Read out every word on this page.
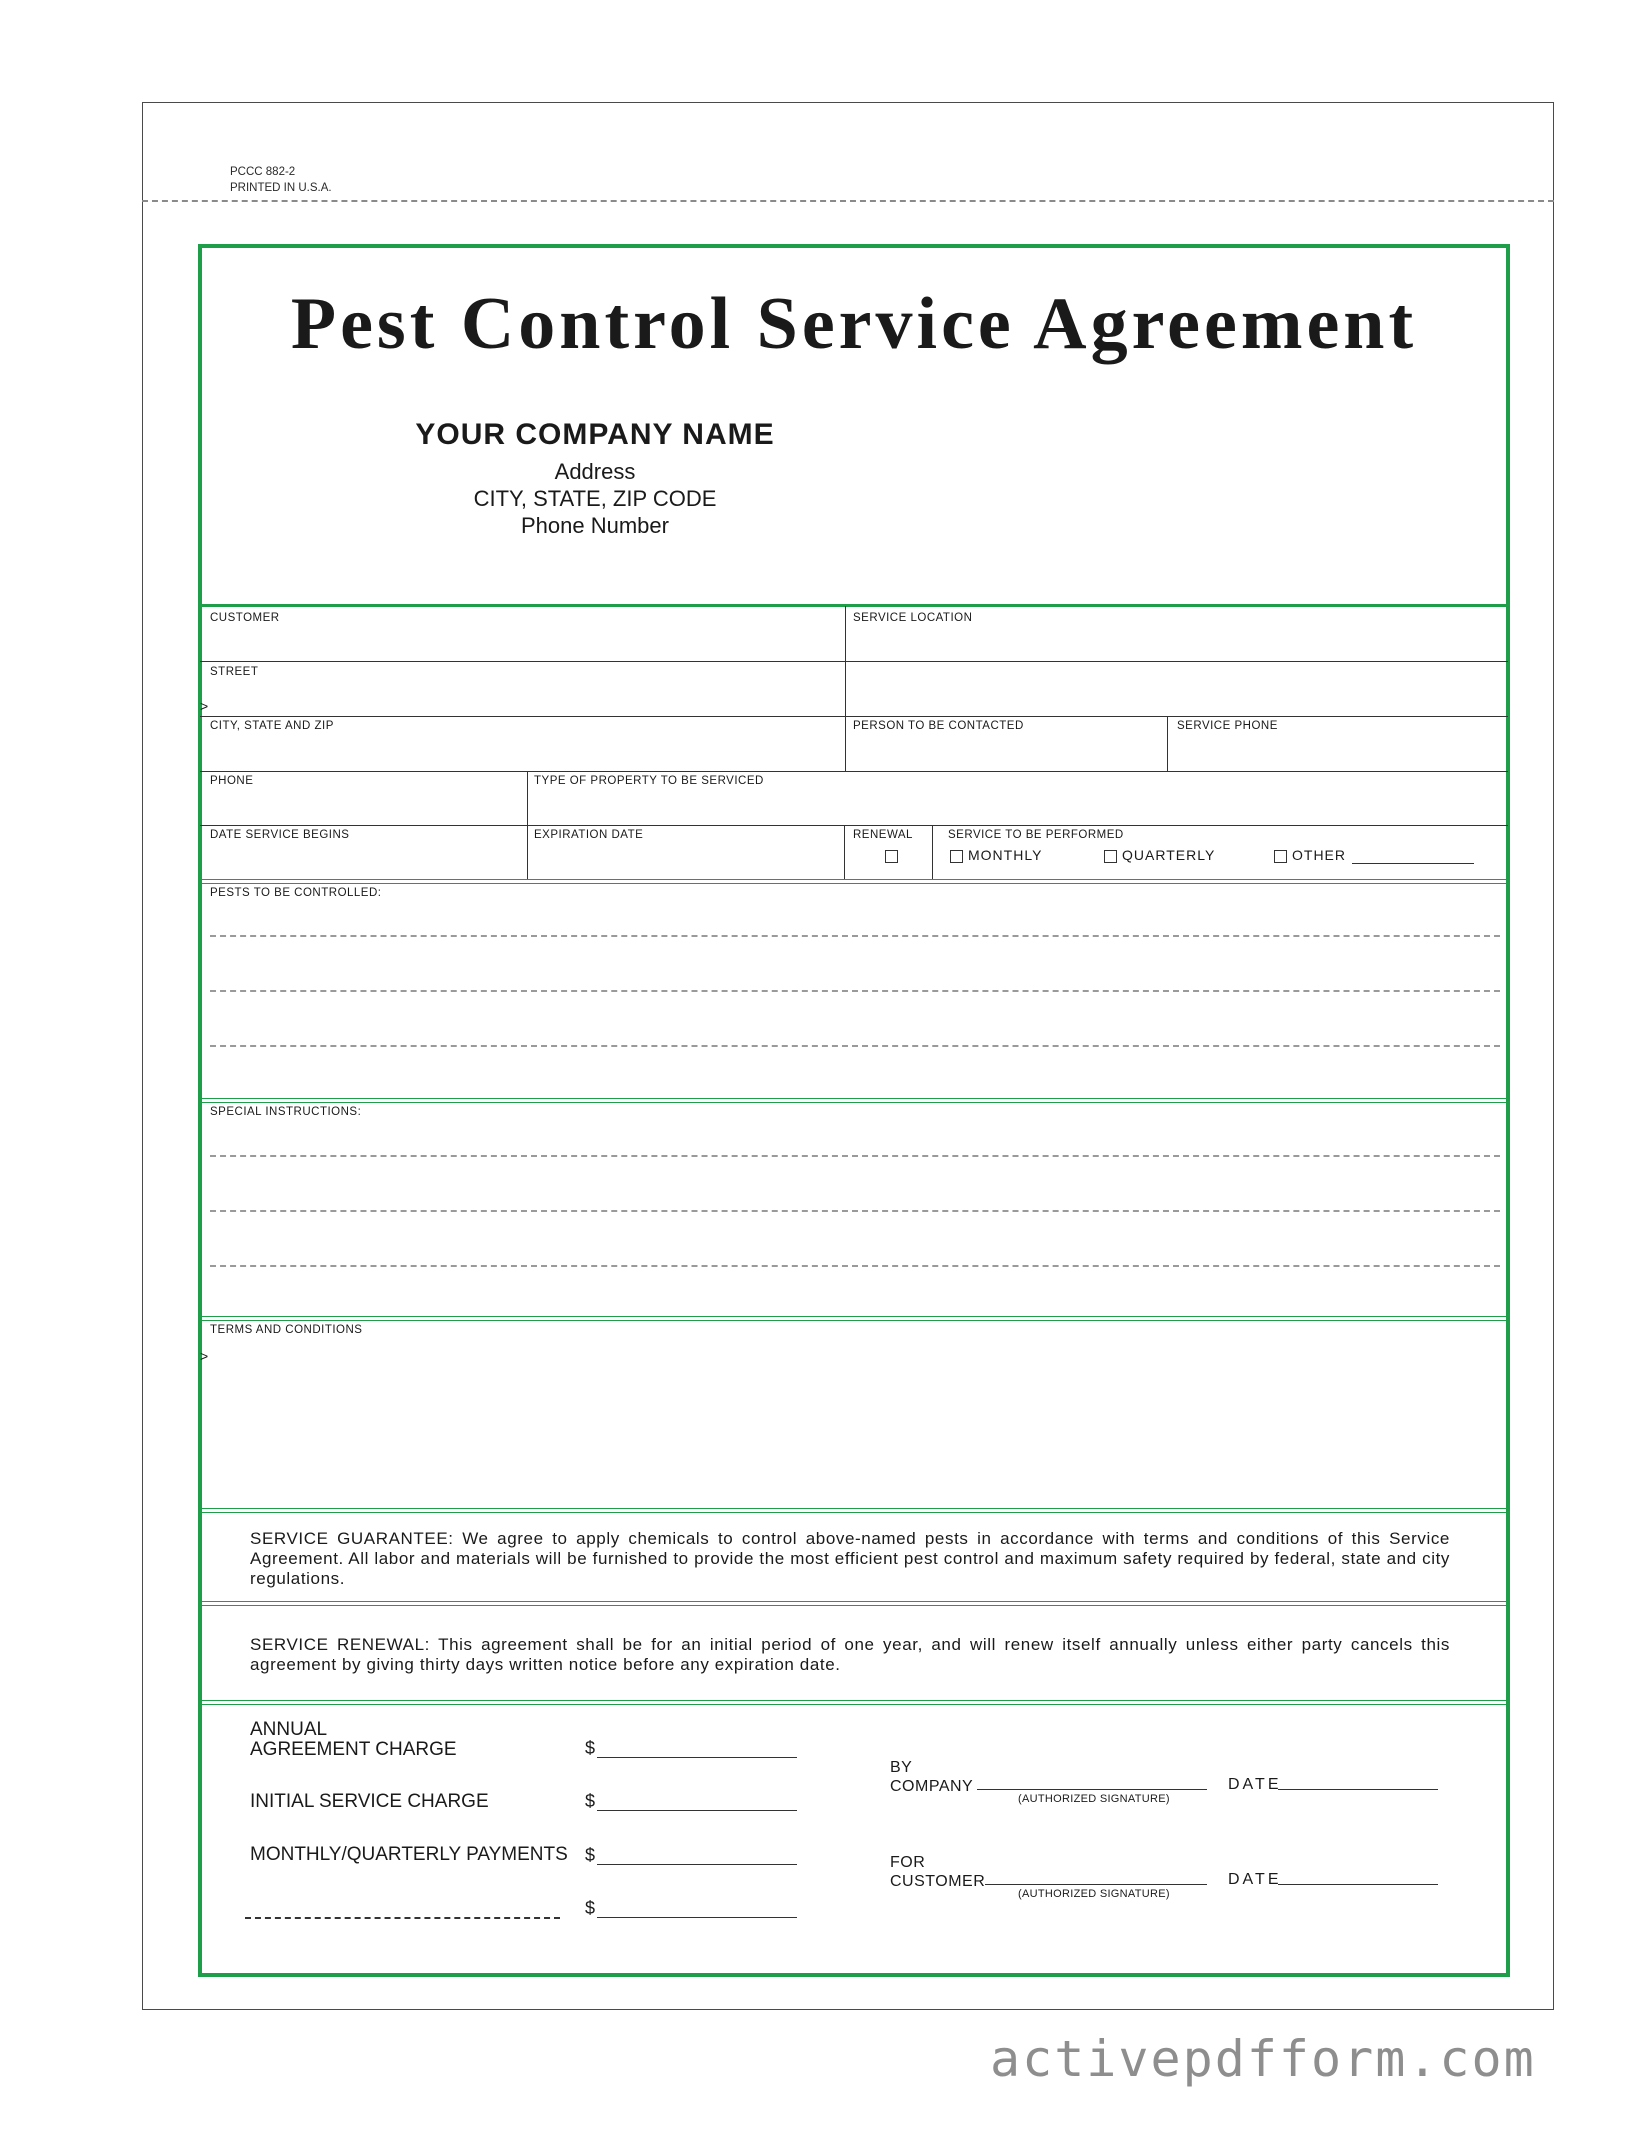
PCCC 882-2
PRINTED IN U.S.A.
Pest Control Service Agreement
YOUR COMPANY NAME
Address
CITY, STATE, ZIP CODE
Phone Number
CUSTOMER	SERVICE LOCATION
STREET
>
CITY, STATE AND ZIP	PERSON TO BE CONTACTED	SERVICE PHONE
PHONE	TYPE OF PROPERTY TO BE SERVICED
DATE SERVICE BEGINS	EXPIRATION DATE	RENEWAL	SERVICE TO BE PERFORMED
MONTHLY	QUARTERLY	OTHER
PESTS TO BE CONTROLLED:
SPECIAL INSTRUCTIONS:
TERMS AND CONDITIONS
>
SERVICE GUARANTEE: We agree to apply chemicals to control above-named pests in accordance with terms and conditions of this Service Agreement. All labor and materials will be furnished to provide the most efficient pest control and maximum safety required by federal, state and city regulations.
SERVICE RENEWAL: This agreement shall be for an initial period of one year, and will renew itself annually unless either party cancels this agreement by giving thirty days written notice before any expiration date.
ANNUAL
AGREEMENT CHARGE	$
INITIAL SERVICE CHARGE	$
MONTHLY/QUARTERLY PAYMENTS $
$
BY
COMPANY
(AUTHORIZED SIGNATURE)
DATE
FOR
CUSTOMER
(AUTHORIZED SIGNATURE)
DATE
activepdfform.com
